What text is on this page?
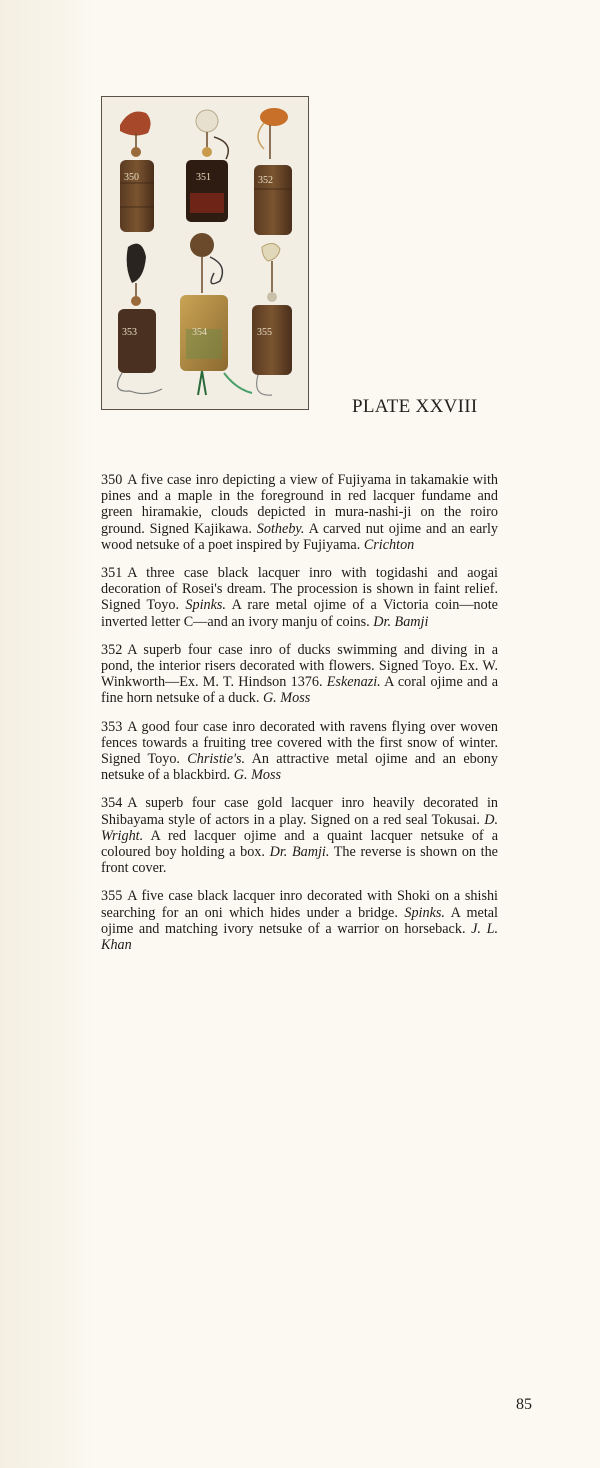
350	351	352
353	354	355
PLATE XXVIII

350 A five case inro depicting a view of Fujiyama in takamakie with pines and a maple in the foreground in red lacquer fundame and green hiramakie, clouds depicted in mura-nashi-ji on the roiro ground. Signed Kajikawa. Sotheby. A carved nut ojime and an early wood netsuke of a poet inspired by Fujiyama. Crichton

351 A three case black lacquer inro with togidashi and aogai decoration of Rosei's dream. The procession is shown in faint relief. Signed Toyo. Spinks. A rare metal ojime of a Victoria coin—note inverted letter C—and an ivory manju of coins. Dr. Bamji

352 A superb four case inro of ducks swimming and diving in a pond, the interior risers decorated with flowers. Signed Toyo. Ex. W. Winkworth—Ex. M. T. Hindson 1376. Eskenazi. A coral ojime and a fine horn netsuke of a duck. G. Moss

353 A good four case inro decorated with ravens flying over woven fences towards a fruiting tree covered with the first snow of winter. Signed Toyo. Christie's. An attractive metal ojime and an ebony netsuke of a blackbird. G. Moss

354 A superb four case gold lacquer inro heavily decorated in Shibayama style of actors in a play. Signed on a red seal Tokusai. D. Wright. A red lacquer ojime and a quaint lacquer netsuke of a coloured boy holding a box. Dr. Bamji. The reverse is shown on the front cover.

355 A five case black lacquer inro decorated with Shoki on a shishi searching for an oni which hides under a bridge. Spinks. A metal ojime and matching ivory netsuke of a warrior on horseback. J. L. Khan

85
